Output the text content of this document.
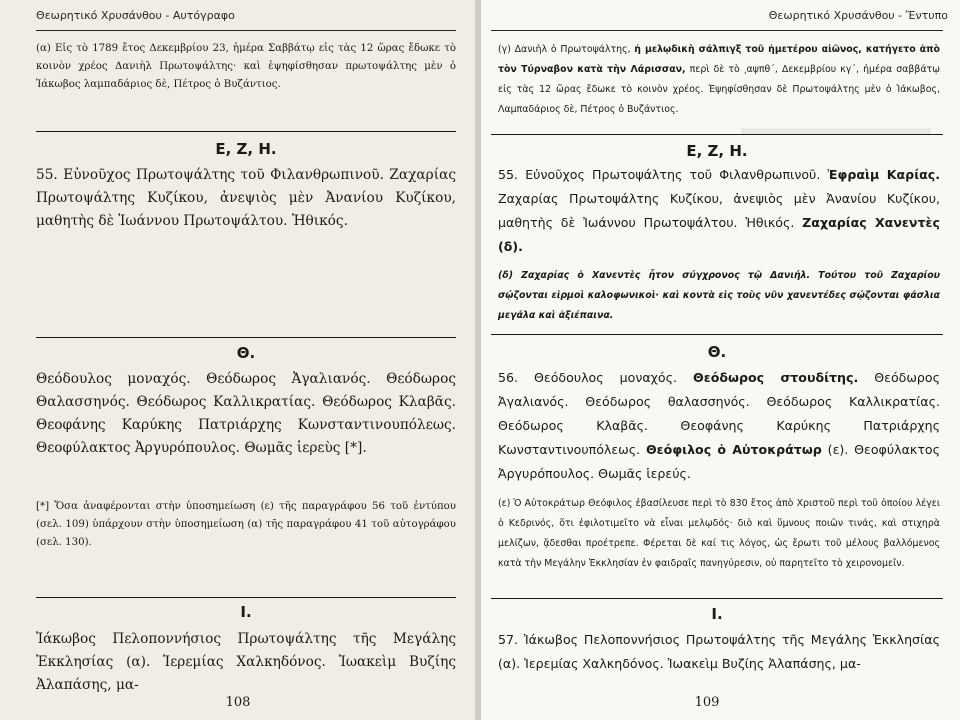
Θεωρητικό Χρυσάνθου - Αυτόγραφο
(α) Εἰς τὸ 1789 ἔτος Δεκεμβρίου 23, ἡμέρα Σαββάτῳ εἰς τὰς 12 ὥρας ἔδωκε τὸ κοινὸν χρέος Δανιὴλ Πρωτοψάλτης· καὶ ἐψηφίσθησαν πρωτοψάλτης μὲν ὁ Ἰάκωβος λαμπαδάριος δὲ, Πέτρος ὁ Βυζάντιος.
Ε, Ζ, Η.
55. Εὐνοῦχος Πρωτοψάλτης τοῦ Φιλανθρωπινοῦ. Ζαχαρίας Πρωτοψάλτης Κυζίκου, ἀνεψιὸς μὲν Ἀνανίου Κυζίκου, μαθητὴς δὲ Ἰωάννου Πρωτοψάλτου. Ἠθικός.
Θ.
Θεόδουλος μοναχός. Θεόδωρος Ἀγαλιανός. Θεόδωρος Θαλασσηνός. Θεόδωρος Καλλικρατίας. Θεόδωρος Κλαβᾶς. Θεοφάνης Καρύκης Πατριάρχης Κωνσταντινουπόλεως. Θεοφύλακτος Ἀργυρόπουλος. Θωμᾶς ἱερεὺς [*].
[*] Ὅσα ἀναφέρονται στὴν ὑποσημείωση (ε) τῆς παραγράφου 56 τοῦ ἐντύπου (σελ. 109) ὑπάρχουν στὴν ὑποσημείωση (α) τῆς παραγράφου 41 τοῦ αὐτογράφου (σελ. 130).
Ι.
Ἰάκωβος Πελοποννήσιος Πρωτοψάλτης τῆς Μεγάλης Ἐκκλησίας (α). Ἱερεμίας Χαλκηδόνος. Ἰωακεὶμ Βυζίης Ἀλαπάσης, μα-
108
Θεωρητικό Χρυσάνθου - Ἔντυπο
(γ) Δανιὴλ ὁ Πρωτοψάλτης, ἡ μελῳδικὴ σάλπιγξ τοῦ ἡμετέρου αἰῶνος, κατήγετο ἀπὸ τὸν Τύρναβον κατὰ τὴν Λάρισσαν, περὶ δὲ τὸ ͵αψπθ΄, Δεκεμβρίου κγ΄, ἡμέρα σαββάτῳ εἰς τὰς 12 ὥρας ἔδωκε τὸ κοινὸν χρέος. Ἐψηφίσθησαν δὲ Πρωτοψάλτης μὲν ὁ Ἰάκωβος, Λαμπαδάριος δὲ, Πέτρος ὁ Βυζάντιος.
Ε, Ζ, Η.
55. Εὐνοῦχος Πρωτοψάλτης τοῦ Φιλανθρωπινοῦ. Ἐφραὶμ Καρίας. Ζαχαρίας Πρωτοψάλτης Κυζίκου, ἀνεψιὸς μὲν Ἀνανίου Κυζίκου, μαθητὴς δὲ Ἰωάννου Πρωτοψάλτου. Ἠθικός. Ζαχαρίας Χανεντὲς (δ).
(δ) Ζαχαρίας ὁ Χανεντὲς ἦτον σύγχρονος τῷ Δανιήλ. Τούτου τοῦ Ζαχαρίου σῴζονται εἱρμοὶ καλοφωνικοὶ· καὶ κοντὰ εἰς τοὺς νῦν χανεντέδες σῴζονται φάσλια μεγάλα καὶ ἀξιέπαινα.
Θ.
56. Θεόδουλος μοναχός. Θεόδωρος στουδίτης. Θεόδωρος Ἀγαλιανός. Θεόδωρος θαλασσηνός. Θεόδωρος Καλλικρατίας. Θεόδωρος Κλαβᾶς. Θεοφάνης Καρύκης Πατριάρχης Κωνσταντινουπόλεως. Θεόφιλος ὁ Αὐτοκράτωρ (ε). Θεοφύλακτος Ἀργυρόπουλος. Θωμᾶς ἱερεύς.
(ε) Ὁ Αὐτοκράτωρ Θεόφιλος ἐβασίλευσε περὶ τὸ 830 ἔτος ἀπὸ Χριστοῦ περὶ τοῦ ὁποίου λέγει ὁ Κεδρινός, ὅτι ἐφιλοτιμεῖτο νὰ εἶναι μελῳδός· διὸ καὶ ὕμνους ποιῶν τινάς, καὶ στιχηρὰ μελίζων, ᾄδεσθαι προέτρεπε. Φέρεται δὲ καί τις λόγος, ὡς ἔρωτι τοῦ μέλους βαλλόμενος κατὰ τὴν Μεγάλην Ἐκκλησίαν ἐν φαιδραῖς πανηγύρεσιν, οὐ παρητεῖτο τὸ χειρονομεῖν.
Ι.
57. Ἰάκωβος Πελοποννήσιος Πρωτοψάλτης τῆς Μεγάλης Ἐκκλησίας (α). Ἱερεμίας Χαλκηδόνος. Ἰωακεὶμ Βυζίης Ἀλαπάσης, μα-
109
